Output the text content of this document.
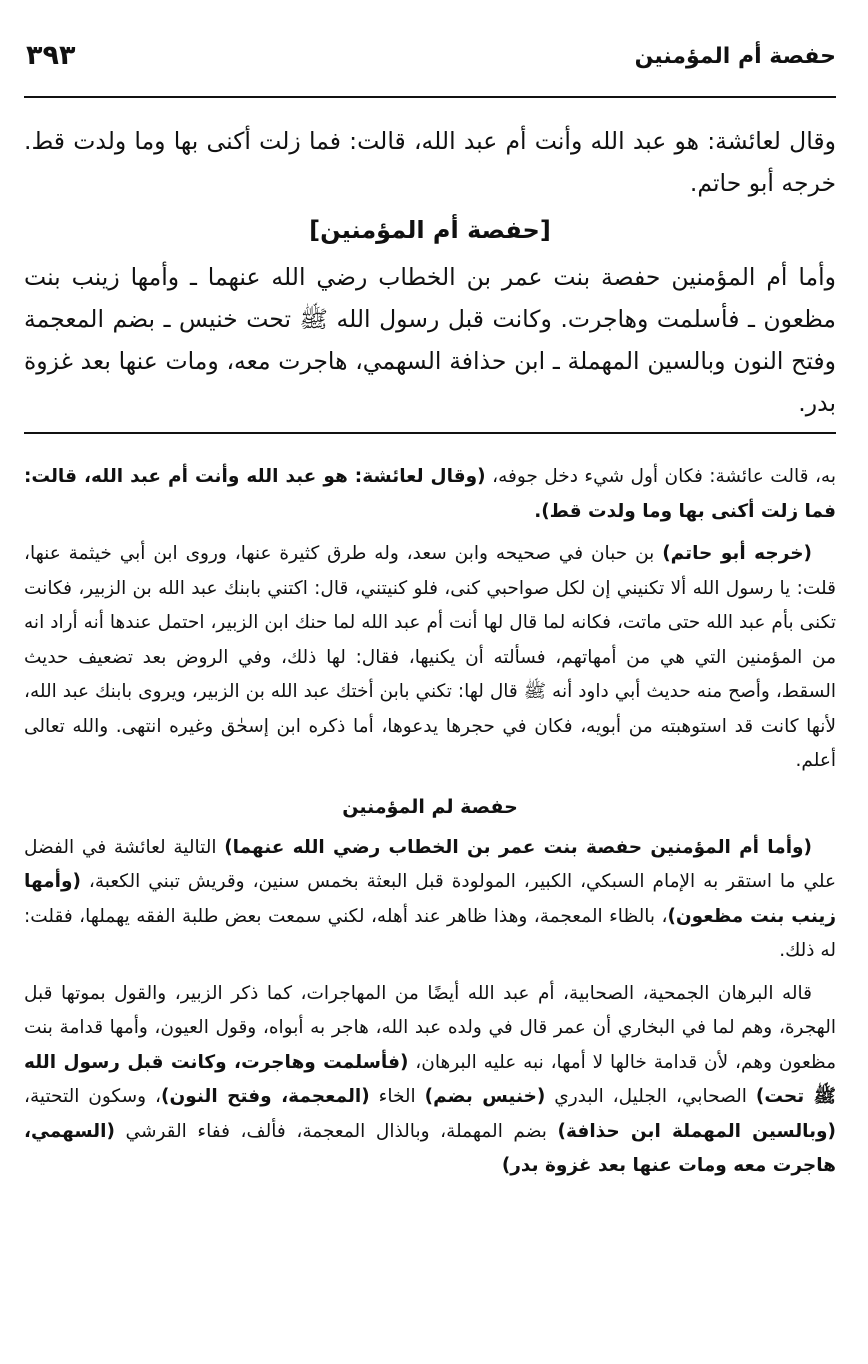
حفصة أم المؤمنين
٣٩٣

وقال لعائشة: هو عبد الله وأنت أم عبد الله، قالت: فما زلت أكنى بها وما ولدت قط. خرجه أبو حاتم.

[حفصة أم المؤمنين]

وأما أم المؤمنين حفصة بنت عمر بن الخطاب رضي الله عنهما ـ وأمها زينب بنت مظعون ـ فأسلمت وهاجرت. وكانت قبل رسول الله ﷺ تحت خنيس ـ بضم المعجمة وفتح النون وبالسين المهملة ـ ابن حذافة السهمي، هاجرت معه، ومات عنها بعد غزوة بدر.

به، قالت عائشة: فكان أول شيء دخل جوفه، (وقال لعائشة: هو عبد الله وأنت أم عبد الله، قالت: فما زلت أكنى بها وما ولدت قط).

(خرجه أبو حاتم) بن حبان في صحيحه وابن سعد، وله طرق كثيرة عنها، وروى ابن أبي خيثمة عنها، قلت: يا رسول الله ألا تكنيني إن لكل صواحبي كنى، فلو كنيتني، قال: اكتني بابنك عبد الله بن الزبير، فكانت تكنى بأم عبد الله حتى ماتت، فكانه لما قال لها أنت أم عبد الله لما حنك ابن الزبير، احتمل عندها أنه أراد انه من المؤمنين التي هي من أمهاتهم، فسألته أن يكنيها، فقال: لها ذلك، وفي الروض بعد تضعيف حديث السقط، وأصح منه حديث أبي داود أنه ﷺ قال لها: تكني بابن أختك عبد الله بن الزبير، ويروى بابنك عبد الله، لأنها كانت قد استوهبته من أبويه، فكان في حجرها يدعوها، أما ذكره ابن إسحٰق وغيره انتهى. والله تعالى أعلم.

حفصة لم المؤمنين

(وأما أم المؤمنين حفصة بنت عمر بن الخطاب رضي الله عنهما) التالية لعائشة في الفضل علي ما استقر به الإمام السبكي، الكبير، المولودة قبل البعثة بخمس سنين، وقريش تبني الكعبة، (وأمها زينب بنت مظعون)، بالظاء المعجمة، وهذا ظاهر عند أهله، لكني سمعت بعض طلبة الفقه يهملها، فقلت: له ذلك.

قاله البرهان الجمحية، الصحابية، أم عبد الله أيضًا من المهاجرات، كما ذكر الزبير، والقول بموتها قبل الهجرة، وهم لما في البخاري أن عمر قال في ولده عبد الله، هاجر به أبواه، وقول العيون، وأمها قدامة بنت مظعون وهم، لأن قدامة خالها لا أمها، نبه عليه البرهان، (فأسلمت وهاجرت، وكانت قبل رسول الله ﷺ تحت) الصحابي، الجليل، البدري (خنيس بضم) الخاء (المعجمة، وفتح النون)، وسكون التحتية، (وبالسين المهملة ابن حذافة) بضم المهملة، وبالذال المعجمة، فألف، ففاء القرشي (السهمي، هاجرت معه ومات عنها بعد غزوة بدر)
